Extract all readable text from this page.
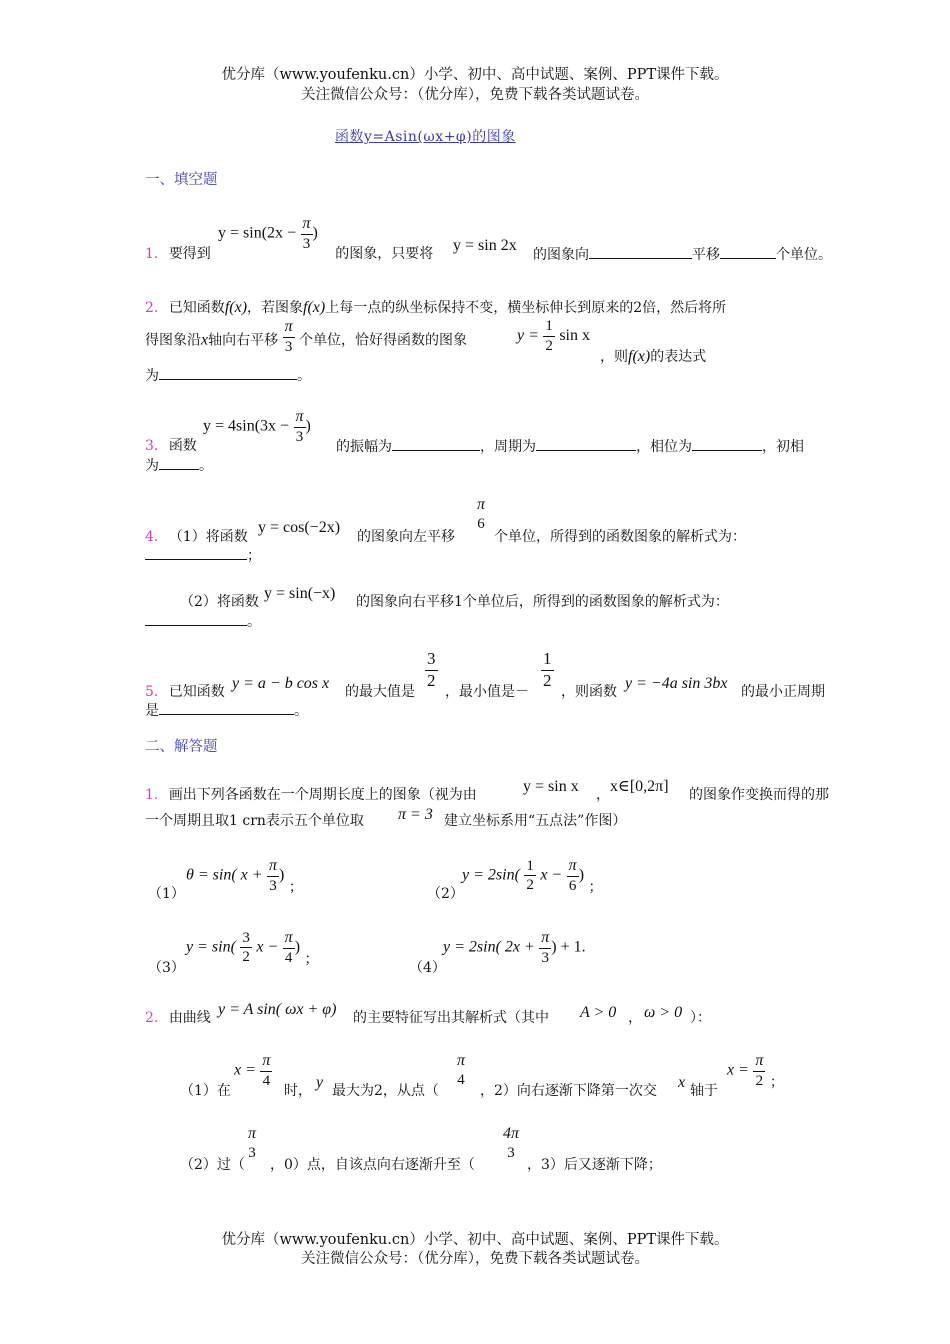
优分库（www.youfenku.cn）小学、初中、高中试题、案例、PPT课件下载。
关注微信公众号：（优分库），免费下载各类试题试卷。
函数y=Asin(ωx+φ)的图象
一、填空题
$y = \sin(2x - \frac{\pi}{3}$ )
1. 要得到	的图象，只要将 y = sin 2x
的图象向	平移	个单位。
2. 已知函数f(x)，若图象f(x)上每一点的纵坐标保持不变，横坐标伸长到原来的2倍，然后将所
得图象沿x轴向右平移 $\frac{\pi}{3}$ 个单位，恰好得函数的图象	$y = \frac{1}{2}$ sin x
，则f(x)的表达式
为	。
$y = 4\sin(3x - \frac{\pi}{3}$ )
3. 函数	的振幅为	，周期为	，相位为	，初相
为	。
4. （1）将函数
y = cos(−2x)
的图象向左平移
π
6
个单位，所得到的函数图象的解析式为：
；
（2）将函数 y = sin(−x) 的图象向右平移1个单位后，所得到的函数图象的解析式为：
。
5. 已知函数 y = a − b cos x 的最大值是
$\frac{3}{2}$
，最小值是－
$\frac{1}{2}$
，则函数 y = −4a sin 3bx 的最小正周期
是	。
二、解答题
1. 画出下列各函数在一个周期长度上的图象（视为由	y = sin x ， x∈[0,2π] 的图象作变换而得的那
一个周期且取1 crn表示五个单位取 π = 3 建立坐标系用“五点法”作图）
（1）
θ = sin( $x + \frac{\pi}{3}$ ) ；	（2）
$y = 2\sin( \frac{1}{2}$ $x - \frac{\pi}{6}$ ) ；
（3）
$y = \sin( \frac{3}{2}$ $x - \frac{\pi}{4}$ ) ；
（4）
y = 2sin( $2x + \frac{\pi}{3}$ ) + 1.
2. 由曲线 y = A sin( ωx + φ) 的主要特征写出其解析式（其中 A > 0 ， ω > 0 ）：
（1）在
$x = \frac{\pi}{4}$
时， y 最大为2，从点（
π
4
，2）向右逐渐下降第一次交 x 轴于
$x = \frac{\pi}{2}$ ；
（2）过（
π
3
，0）点，自该点向右逐渐升至（
4π
3
，3）后又逐渐下降；
优分库（www.youfenku.cn）小学、初中、高中试题、案例、PPT课件下载。
关注微信公众号：（优分库），免费下载各类试题试卷。
